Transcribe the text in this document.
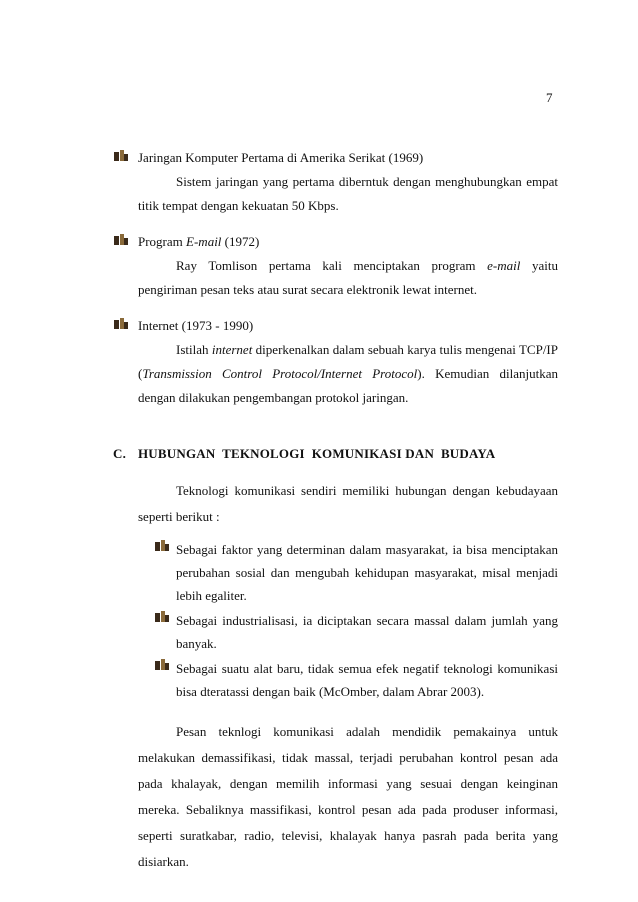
7
Jaringan Komputer Pertama di Amerika Serikat (1969)

Sistem jaringan yang pertama diberntuk dengan menghubungkan empat titik tempat dengan kekuatan 50 Kbps.

Program E-mail (1972)

Ray Tomlison pertama kali menciptakan program e-mail yaitu pengiriman pesan teks atau surat secara elektronik lewat internet.

Internet (1973 - 1990)

Istilah internet diperkenalkan dalam sebuah karya tulis mengenai TCP/IP (Transmission Control Protocol/Internet Protocol). Kemudian dilanjutkan dengan dilakukan pengembangan protokol jaringan.

C. HUBUNGAN  TEKNOLOGI  KOMUNIKASI DAN  BUDAYA

Teknologi komunikasi sendiri memiliki hubungan dengan kebudayaan seperti berikut :

Sebagai faktor yang determinan dalam masyarakat, ia bisa menciptakan perubahan sosial dan mengubah kehidupan masyarakat, misal menjadi lebih egaliter.
Sebagai industrialisasi, ia diciptakan secara massal dalam jumlah yang banyak.
Sebagai suatu alat baru, tidak semua efek negatif teknologi komunikasi bisa dteratassi dengan baik (McOmber, dalam Abrar 2003).

Pesan teknlogi komunikasi adalah mendidik pemakainya untuk melakukan demassifikasi, tidak massal, terjadi perubahan kontrol pesan ada pada khalayak, dengan memilih informasi yang sesuai dengan keinginan mereka. Sebaliknya massifikasi, kontrol pesan ada pada produser informasi, seperti suratkabar, radio, televisi, khalayak hanya pasrah pada berita yang disiarkan.
